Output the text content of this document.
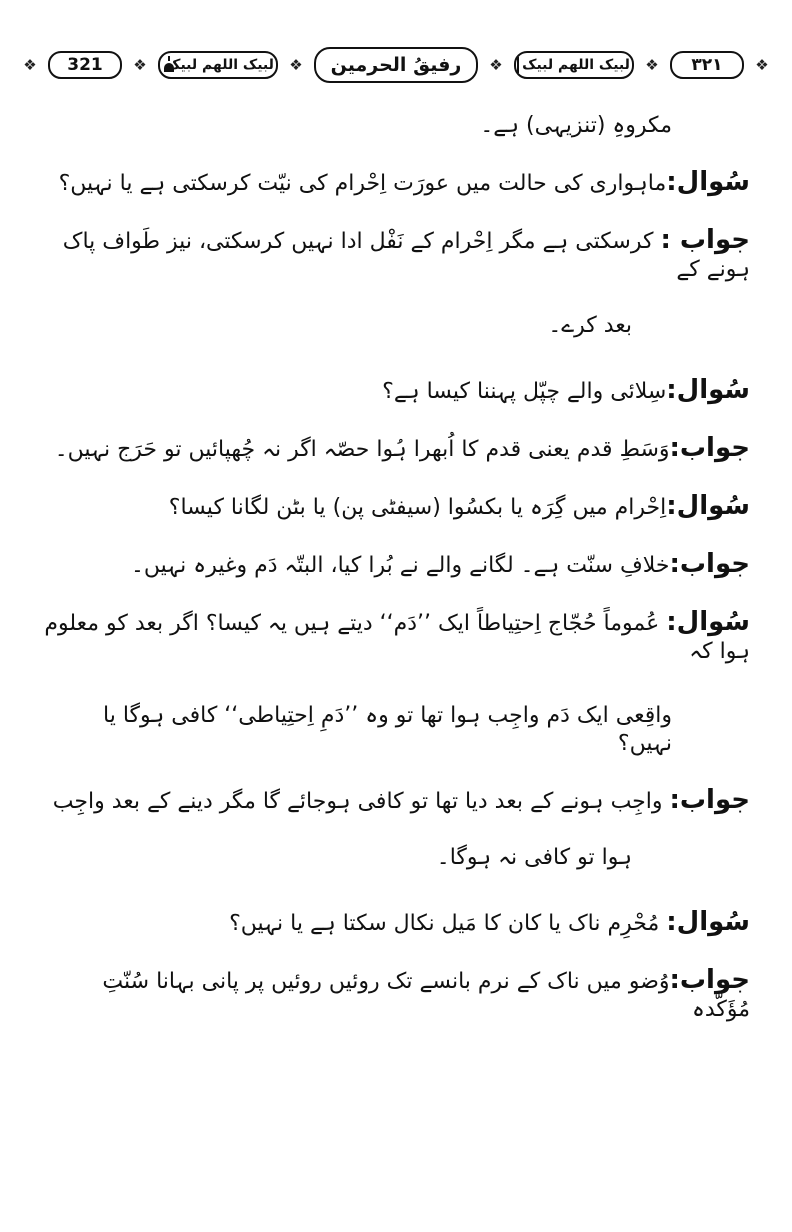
❖ 321 ❖ لبیک اللھم لبیک ❖ رفیقُ الحرمین ❖ لبیک اللھم لبیک ❖ ۳۲۱ ❖

مکروہِ (تنزیہی) ہے۔

سُوال:ماہواری کی حالت میں عورَت اِحْرام کی نیّت کرسکتی ہے یا نہیں؟

جواب : کرسکتی ہے مگر اِحْرام کے نَفْل ادا نہیں کرسکتی، نیز طَواف پاک ہونے کے

بعد کرے۔

سُوال:سِلائی والے چپّل پہننا کیسا ہے؟

جواب:وَسَطِ قدم یعنی قدم کا اُبھرا ہُوا حصّہ اگر نہ چُھپائیں تو حَرَج نہیں۔

سُوال:اِحْرام میں گِرَہ یا بکسُوا (سیفٹی پن) یا بٹن لگانا کیسا؟

جواب:خلافِ سنّت ہے۔ لگانے والے نے بُرا کیا، البتّہ دَم وغیرہ نہیں۔

سُوال: عُموماً حُجّاج اِحتِیاطاً ایک ’’دَم‘‘ دیتے ہیں یہ کیسا؟ اگر بعد کو معلوم ہوا کہ

واقِعی ایک دَم واجِب ہوا تھا تو وہ ’’دَمِ اِحتِیاطی‘‘ کافی ہوگا یا نہیں؟

جواب: واجِب ہونے کے بعد دیا تھا تو کافی ہوجائے گا مگر دینے کے بعد واجِب

ہوا تو کافی نہ ہوگا۔

سُوال: مُحْرِم ناک یا کان کا مَیل نکال سکتا ہے یا نہیں؟

جواب:وُضو میں ناک کے نرم بانسے تک روئیں روئیں پر پانی بہانا سُنّتِ مُؤَکَّدہ
